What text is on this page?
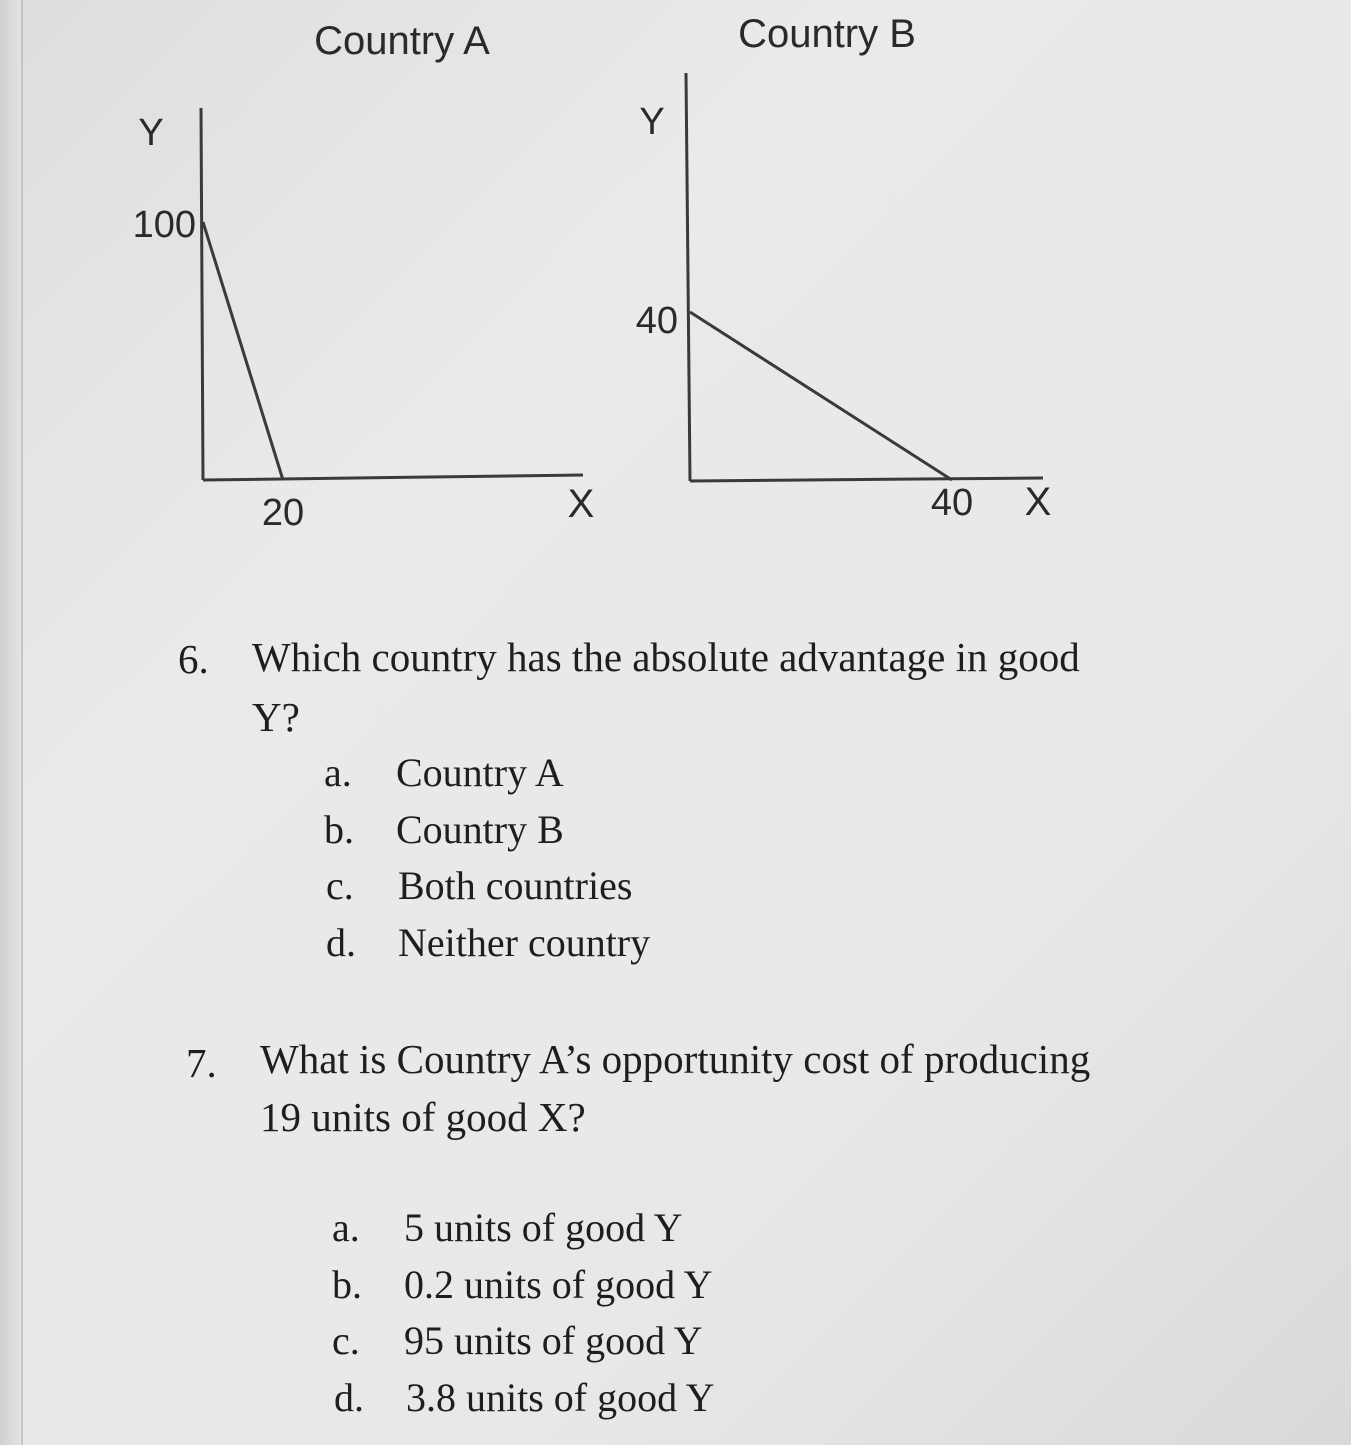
Country A
Y
X
100
20
Country B
Y
X
40
40
6. Which country has the absolute advantage in good
Y?
a. Country A
b. Country B
c. Both countries
d. Neither country
7. What is Country A’s opportunity cost of producing
19 units of good X?
a. 5 units of good Y
b. 0.2 units of good Y
c. 95 units of good Y
d. 3.8 units of good Y
